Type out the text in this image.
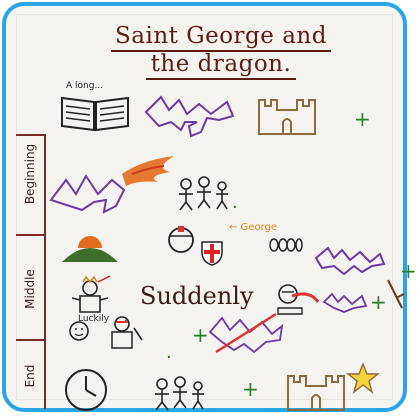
Saint George and
the dragon.
Beginning
Middle
End
A long...
+
.
← George
+
.
Suddenly	+
Luckily
.
+
+
